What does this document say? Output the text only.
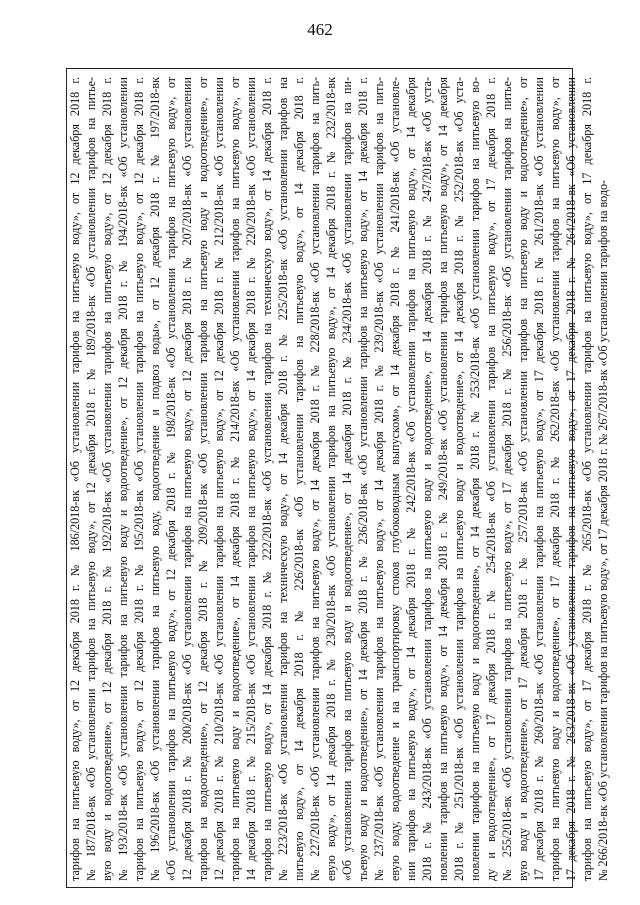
462
тарифов на питьевую воду», от 12 декабря 2018 г. № 186/2018-вк «Об установлении тарифов на питьевую воду», от 12 декабря 2018 г. № 187/2018-вк «Об установлении тарифов на питьевую воду», от 12 декабря 2018 г. № 189/2018-вк «Об установлении тарифов на питье- вую воду и водоотведение», от 12 декабря 2018 г. № 192/2018-вк «Об установлении тарифов на питьевую воду», от 12 декабря 2018 г. № 193/2018-вк «Об установлении тарифов на питьевую воду и водоотведение», от 12 декабря 2018 г. № 194/2018-вк «Об установлении тарифов на питьевую воду», от 12 декабря 2018 г. № 195/2018-вк «Об установлении тарифов на питьевую воду», от 12 декабря 2018 г. № 196/2018-вк «Об установлении тарифов на питьевую воду, водоотведение и подвоз воды», от 12 декабря 2018 г. № 197/2018-вк «Об установлении тарифов на питьевую воду», от 12 декабря 2018 г. № 198/2018-вк «Об установлении тарифов на питьевую воду», от 12 декабря 2018 г. № 200/2018-вк «Об установлении тарифов на питьевую воду», от 12 декабря 2018 г. № 207/2018-вк «Об установлении тарифов на водоотведение», от 12 декабря 2018 г. № 209/2018-вк «Об установлении тарифов на питьевую воду и водоотведение», от 12 декабря 2018 г. № 210/2018-вк «Об установлении тарифов на питьевую воду», от 12 декабря 2018 г. № 212/2018-вк «Об установлении тарифов на питьевую воду и водоотведение», от 14 декабря 2018 г. № 214/2018-вк «Об установлении тарифов на питьевую воду», от 14 декабря 2018 г. № 215/2018-вк «Об установлении тарифов на питьевую воду», от 14 декабря 2018 г. № 220/2018-вк «Об установлении тарифов на питьевую воду», от 14 декабря 2018 г. № 222/2018-вк «Об установлении тарифов на техническую воду», от 14 декабря 2018 г. № 223/2018-вк «Об установлении тарифов на техническую воду», от 14 декабря 2018 г. № 225/2018-вк «Об установлении тарифов на питьевую воду», от 14 декабря 2018 г. № 226/2018-вк «Об установлении тарифов на питьевую воду», от 14 декабря 2018 г. № 227/2018-вк «Об установлении тарифов на питьевую воду», от 14 декабря 2018 г. № 228/2018-вк «Об установлении тарифов на пить- евую воду», от 14 декабря 2018 г. № 230/2018-вк «Об установлении тарифов на питьевую воду», от 14 декабря 2018 г. № 232/2018-вк «Об установлении тарифов на питьевую воду и водоотведение», от 14 декабря 2018 г. № 234/2018-вк «Об установлении тарифов на пи- тьевую воду и водоотведение», от 14 декабря 2018 г. № 236/2018-вк «Об установлении тарифов на питьевую воду», от 14 декабря 2018 г. № 237/2018-вк «Об установлении тарифов на питьевую воду», от 14 декабря 2018 г. № 239/2018-вк «Об установлении тарифов на пить- евую воду, водоотведение и на транспортировку стоков глубоководным выпуском», от 14 декабря 2018 г. № 241/2018-вк «Об установле- нии тарифов на питьевую воду», от 14 декабря 2018 г. № 242/2018-вк «Об установлении тарифов на питьевую воду», от 14 декабря 2018 г. № 243/2018-вк «Об установлении тарифов на питьевую воду и водоотведение», от 14 декабря 2018 г. № 247/2018-вк «Об уста- новлении тарифов на питьевую воду», от 14 декабря 2018 г. № 249/2018-вк «Об установлении тарифов на питьевую воду», от 14 декабря 2018 г. № 251/2018-вк «Об установлении тарифов на питьевую воду и водоотведение», от 14 декабря 2018 г. № 252/2018-вк «Об уста- новлении тарифов на питьевую воду и водоотведение», от 14 декабря 2018 г. № 253/2018-вк «Об установлении тарифов на питьевую во- ду и водоотведение», от 17 декабря 2018 г. № 254/2018-вк «Об установлении тарифов на питьевую воду», от 17 декабря 2018 г. № 255/2018-вк «Об установлении тарифов на питьевую воду», от 17 декабря 2018 г. № 256/2018-вк «Об установлении тарифов на питье- вую воду и водоотведение», от 17 декабря 2018 г. № 257/2018-вк «Об установлении тарифов на питьевую воду и водоотведение», от 17 декабря 2018 г. № 260/2018-вк «Об установлении тарифов на питьевую воду», от 17 декабря 2018 г. № 261/2018-вк «Об установлении тарифов на питьевую воду и водоотведение», от 17 декабря 2018 г. № 262/2018-вк «Об установлении тарифов на питьевую воду», от 17 декабря 2018 г. № 263/2018-вк «Об установлении тарифов на питьевую воду», от 17 декабря 2018 г. № 264/2018-вк «Об установлении тарифов на питьевую воду», от 17 декабря 2018 г. № 265/2018-вк «Об установлении тарифов на питьевую воду», от 17 декабря 2018 г. № 266/2018-вк «Об установлении тарифов на питьевую воду», от 17 декабря 2018 г. № 267/2018-вк «Об установлении тарифов на водо-
